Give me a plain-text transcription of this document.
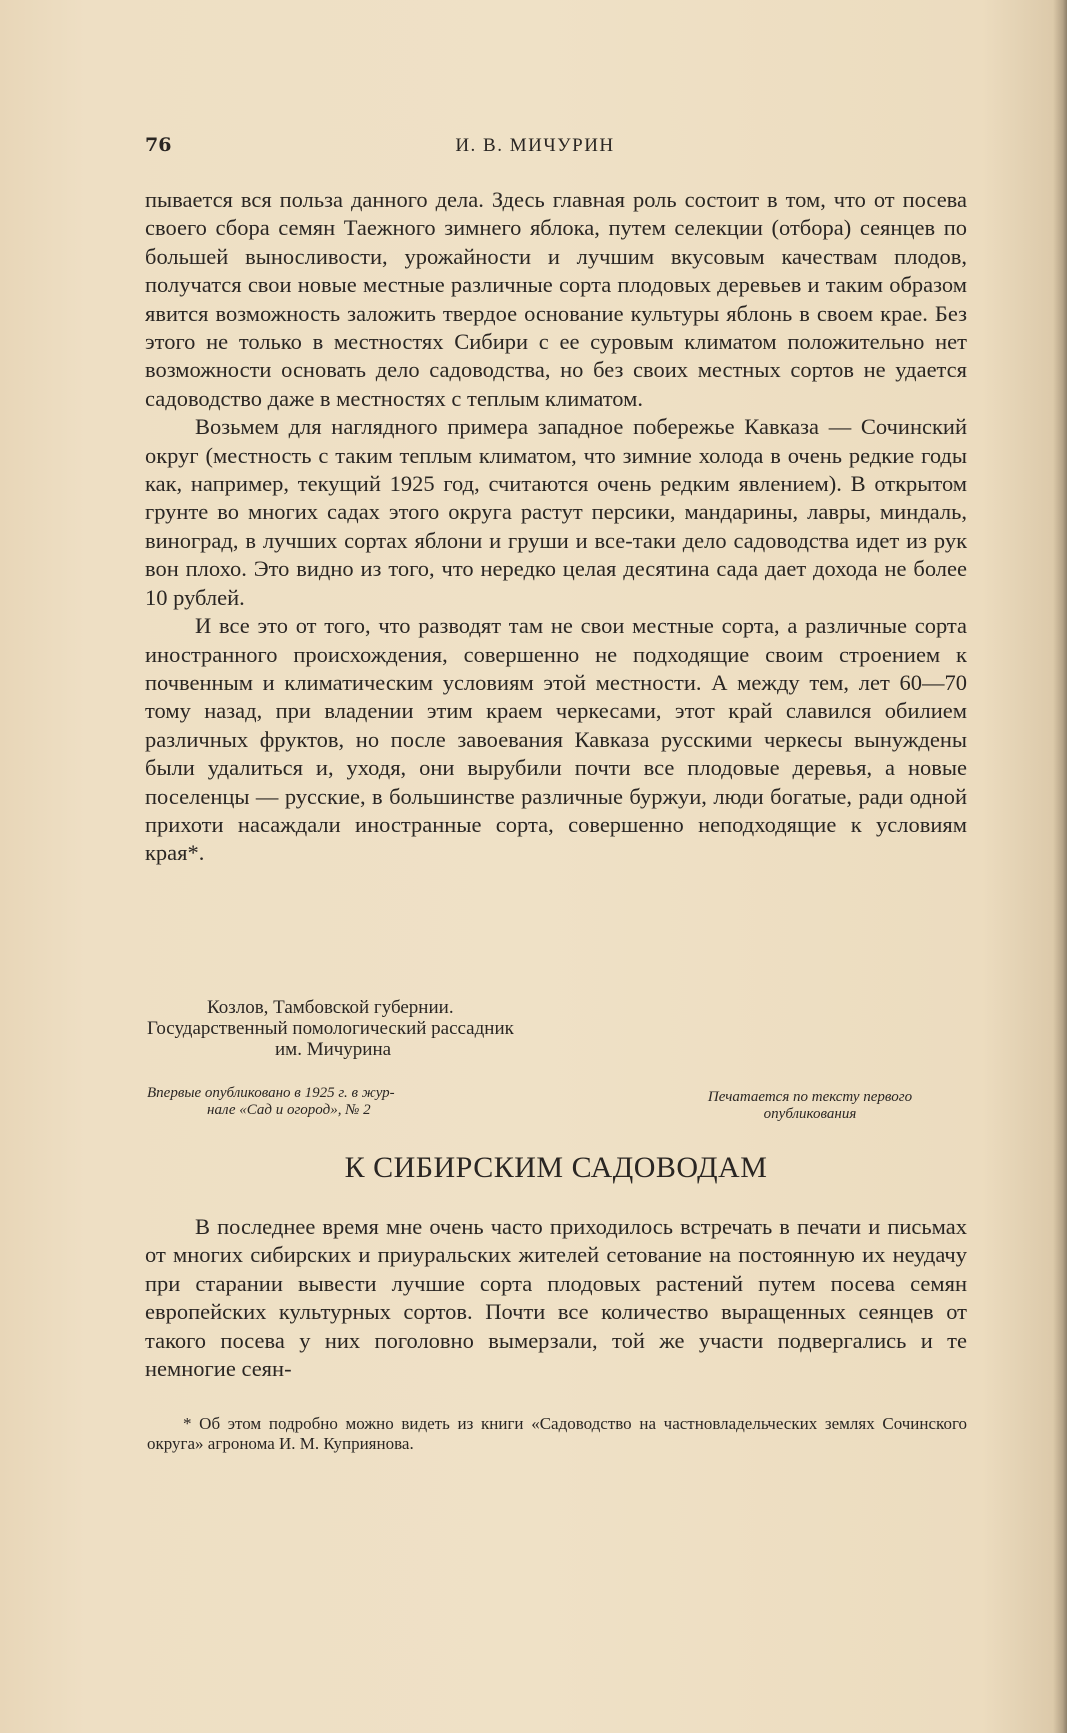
76	И. В. МИЧУРИН

пывается вся польза данного дела. Здесь главная роль состоит в том, что от посева своего сбора семян Таежного зимнего яблока, путем селекции (отбора) сеянцев по большей выносливости, урожайности и лучшим вкусовым качествам плодов, получатся свои новые местные различные сорта плодовых деревьев и таким образом явится возможность заложить твердое основание культуры яблонь в своем крае. Без этого не только в местностях Сибири с ее суровым климатом положительно нет возможности основать дело садоводства, но без своих местных сортов не удается садоводство даже в местностях с теплым климатом.

Возьмем для наглядного примера западное побережье Кавказа — Сочинский округ (местность с таким теплым климатом, что зимние холода в очень редкие годы как, например, текущий 1925 год, считаются очень редким явлением). В открытом грунте во многих садах этого округа растут персики, мандарины, лавры, миндаль, виноград, в лучших сортах яблони и груши и все-таки дело садоводства идет из рук вон плохо. Это видно из того, что нередко целая десятина сада дает дохода не более 10 рублей.

И все это от того, что разводят там не свои местные сорта, а различные сорта иностранного происхождения, совершенно не подходящие своим строением к почвенным и климатическим условиям этой местности. А между тем, лет 60—70 тому назад, при владении этим краем черкесами, этот край славился обилием различных фруктов, но после завоевания Кавказа русскими черкесы вынуждены были удалиться и, уходя, они вырубили почти все плодовые деревья, а новые поселенцы — русские, в большинстве различные буржуи, люди богатые, ради одной прихоти насаждали иностранные сорта, совершенно неподходящие к условиям края*.

Козлов, Тамбовской губернии.
Государственный помологический рассадник
им. Мичурина
Впервые опубликовано в 1925 г. в жур-
нале «Сад и огород», № 2
Печатается по тексту первого
опубликования
К СИБИРСКИМ САДОВОДАМ

В последнее время мне очень часто приходилось встречать в печати и письмах от многих сибирских и приуральских жителей сетование на постоянную их неудачу при старании вывести лучшие сорта плодовых растений путем посева семян европейских культурных сортов. Почти все количество выращенных сеянцев от такого посева у них поголовно вымерзали, той же участи подвергались и те немногие сеян-

* Об этом подробно можно видеть из книги «Садоводство на частновладельческих землях Сочинского округа» агронома И. М. Куприянова.
